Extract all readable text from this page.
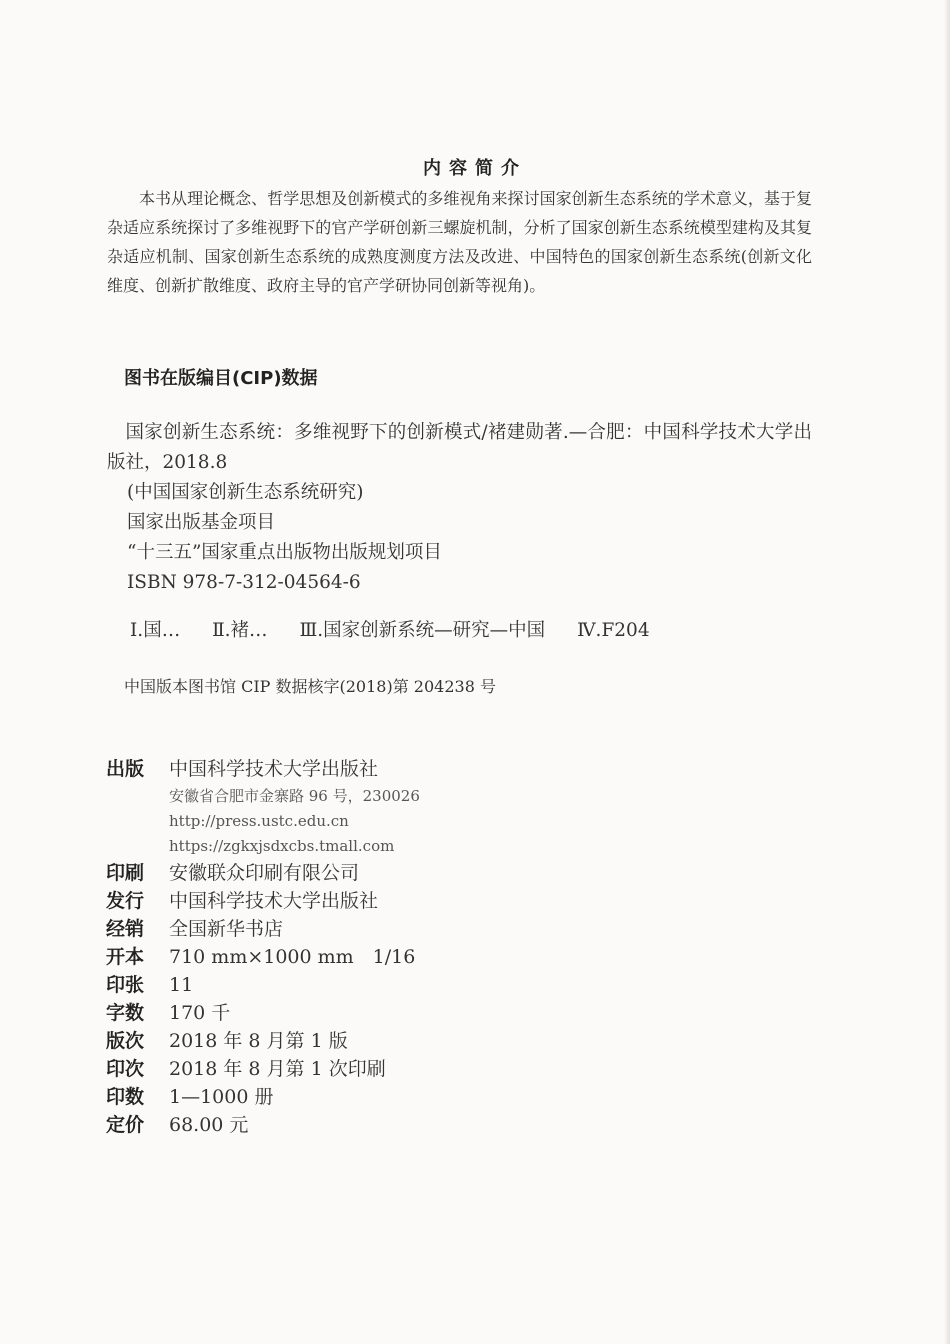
内容简介
本书从理论概念、哲学思想及创新模式的多维视角来探讨国家创新生态系统的学术意义，基于复杂适应系统探讨了多维视野下的官产学研创新三螺旋机制，分析了国家创新生态系统模型建构及其复杂适应机制、国家创新生态系统的成熟度测度方法及改进、中国特色的国家创新生态系统(创新文化维度、创新扩散维度、政府主导的官产学研协同创新等视角)。
图书在版编目(CIP)数据
国家创新生态系统：多维视野下的创新模式/褚建勋著.—合肥：中国科学技术大学出版社，2018.8
(中国国家创新生态系统研究)
国家出版基金项目
“十三五”国家重点出版物出版规划项目
ISBN 978-7-312-04564-6
Ⅰ.国… Ⅱ.褚… Ⅲ.国家创新系统—研究—中国 Ⅳ.F204
中国版本图书馆 CIP 数据核字(2018)第 204238 号
出版	中国科学技术大学出版社
安徽省合肥市金寨路 96 号，230026
http://press.ustc.edu.cn
https://zgkxjsdxcbs.tmall.com
印刷	安徽联众印刷有限公司
发行	中国科学技术大学出版社
经销	全国新华书店
开本	710 mm×1000 mm　1/16
印张	11
字数	170 千
版次	2018 年 8 月第 1 版
印次	2018 年 8 月第 1 次印刷
印数	1—1000 册
定价	68.00 元
